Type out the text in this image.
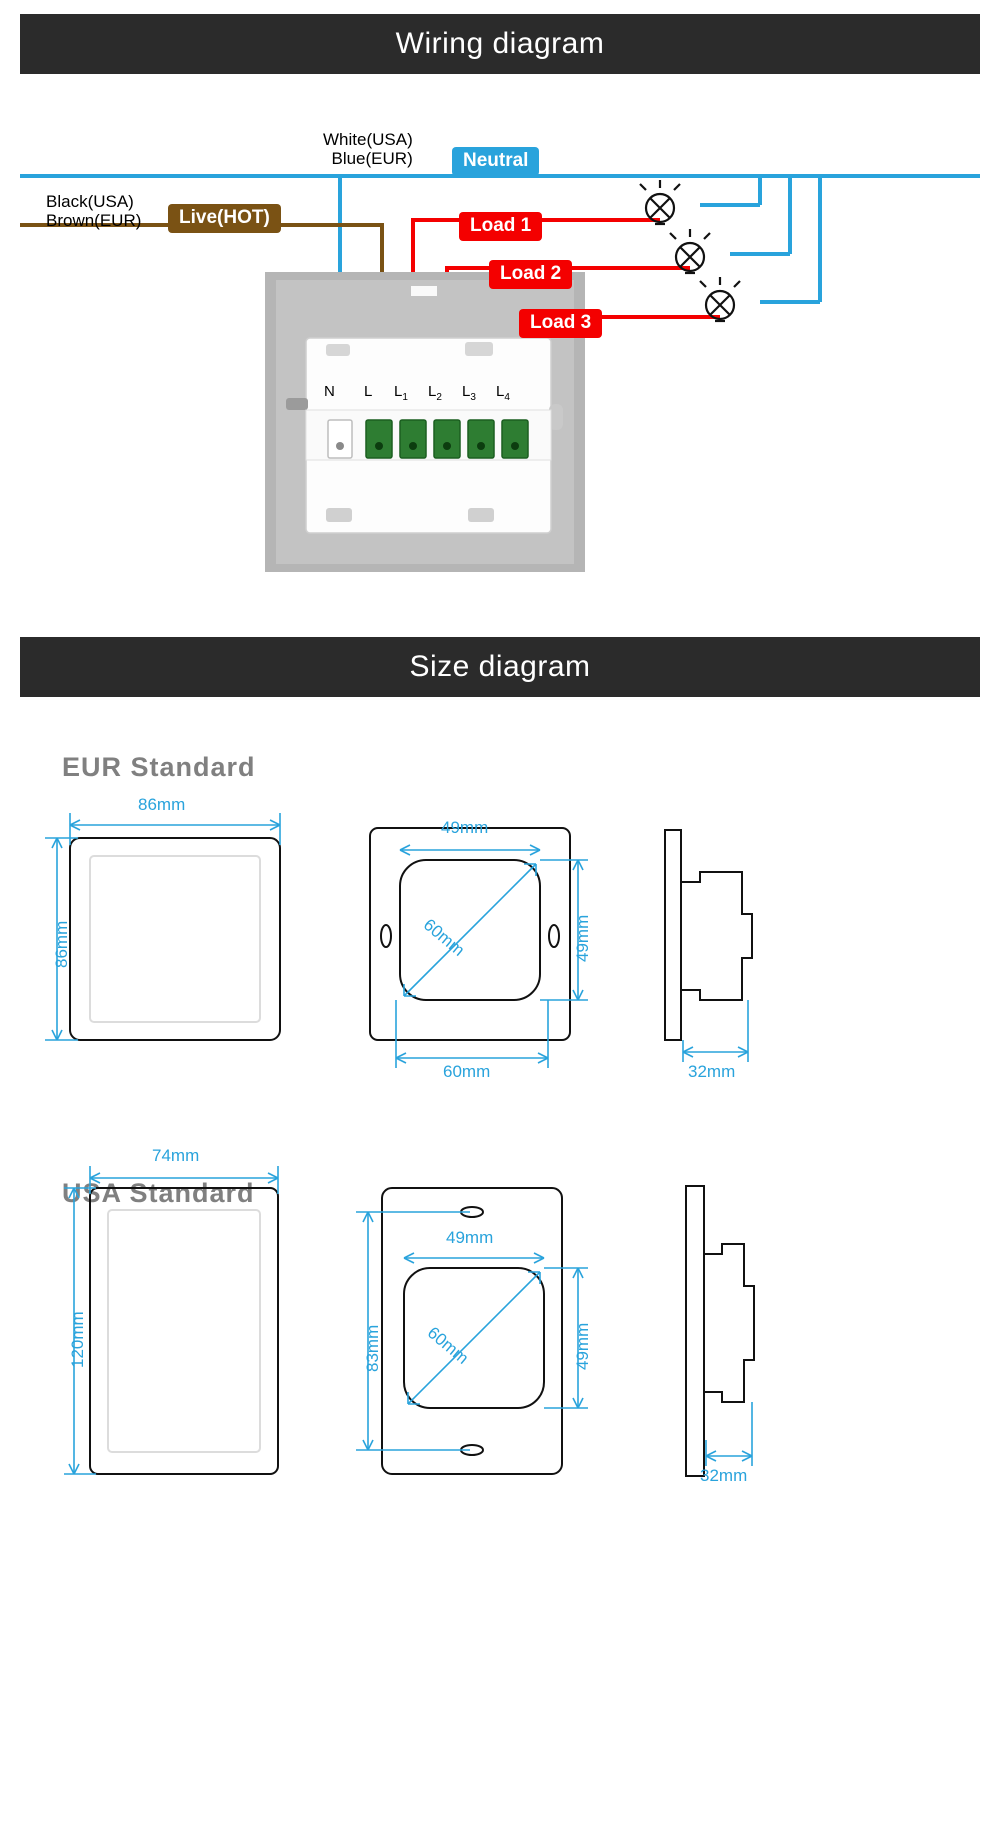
Wiring diagram
White(USA)
Blue(EUR)
Black(USA)
Brown(EUR)
Neutral
Live(HOT)	Load 1
Load 2
Load 3
N L $L_1$ $L_2$ $L_3$ $L_4$
Size diagram
EUR Standard
USA Standard
86mm
86mm
49mm
49mm
60mm
60mm	32mm
74mm
120mm	83mm
49mm
49mm
60mm
32mm
